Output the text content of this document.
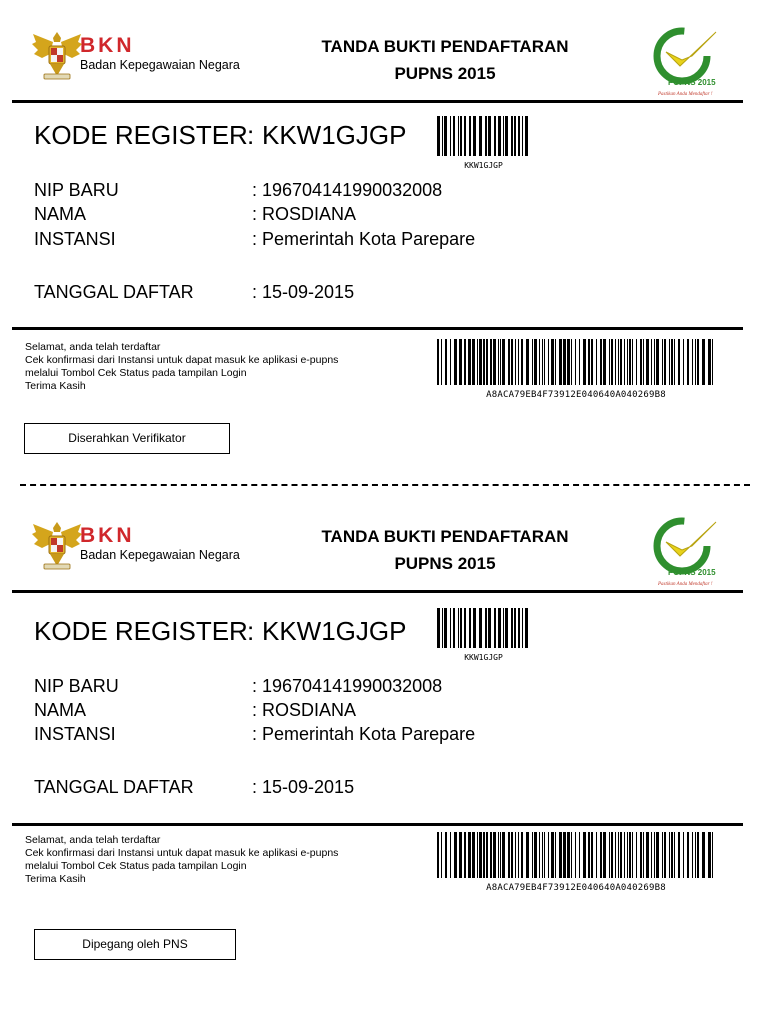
BKN
Badan Kepegawaian Negara
TANDA BUKTI PENDAFTARAN
PUPNS 2015	PUPNS 2015
Pastikan Anda Mendaftar !
KODE REGISTER : KKW1GJGP
KKW1GJGP
NIP BARU	: 196704141990032008
NAMA	: ROSDIANA
INSTANSI	: Pemerintah Kota Parepare
TANGGAL DAFTAR	: 15-09-2015
Selamat, anda telah terdaftar
Cek konfirmasi dari Instansi untuk dapat masuk ke aplikasi e-pupns
melalui Tombol Cek Status pada tampilan Login
Terima Kasih
A8ACA79EB4F73912E040640A040269B8
Diserahkan Verifikator
BKN
Badan Kepegawaian Negara
TANDA BUKTI PENDAFTARAN
PUPNS 2015	PUPNS 2015
Pastikan Anda Mendaftar !
KODE REGISTER : KKW1GJGP
KKW1GJGP
NIP BARU	: 196704141990032008
NAMA	: ROSDIANA
INSTANSI	: Pemerintah Kota Parepare
TANGGAL DAFTAR	: 15-09-2015
Selamat, anda telah terdaftar
Cek konfirmasi dari Instansi untuk dapat masuk ke aplikasi e-pupns
melalui Tombol Cek Status pada tampilan Login
Terima Kasih
A8ACA79EB4F73912E040640A040269B8
Dipegang oleh PNS
